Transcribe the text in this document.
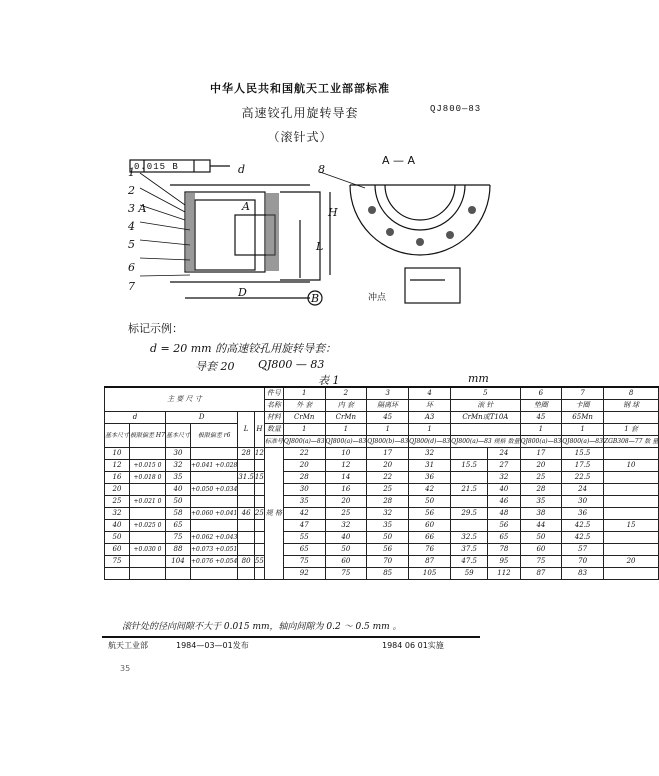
中华人民共和国航天工业部部标准
高速铰孔用旋转导套
（滚针式）
QJ800—83
0.015 B	d
D
L
H
B
A — A
A
冲点
1
2
3 A
4
5
6
7
8
标记示例：
d = 20 mm 的高速铰孔用旋转导套：
导套 20 QJ800 — 83
表 1	mm
主 要 尺 寸						件号	1	2	3	4	5		6	7	8
						名称	外 套	内 套	隔离环	环	滚 针		垫圈	卡圈	钢 球
d		D		L	H	材料	CrMn	CrMn	45	A3	CrMn或T10A		45	65Mn	
基本尺寸	极限偏差 H7	基本尺寸	极限偏差 r6			数量	1	1	1	1			1	1	1 套
						标准号	QJ800(a)—83	QJ800(a)—83	QJ800(b)—83	QJ800(d)—83	QJ800(a)—83 规格 数量		QJ800(a)—83	QJ800(a)—83	ZGB308—77 数 量
10		30		28	12	规 格	22	10	17	32		24	17	15.5	
12	+0.015 0	32	+0.041 +0.028				20	12	20	31	15.5	27	20	17.5	10
16	+0.018 0	35		31.5	15		28	14	22	36		32	25	22.5	
20		40	+0.050 +0.034				30	16	25	42	21.5	40	28	24	
25	+0.021 0	50					35	20	28	50		46	35	30	
32		58	+0.060 +0.041	46	25		42	25	32	56	29.5	48	38	36	
40	+0.025 0	65					47	32	35	60		56	44	42.5	15
50		75	+0.062 +0.043				55	40	50	66	32.5	65	50	42.5	
60	+0.030 0	88	+0.073 +0.051				65	50	56	76	37.5	78	60	57	
75		104	+0.076 +0.054	80	55		75	60	70	87	47.5	95	75	70	20
							92	75	85	105	59	112	87	83	
滚针处的径向间隙不大于 0.015 mm，轴向间隙为 0.2 ～ 0.5 mm 。
航天工业部	1984—03—01发布	1984 06 01实施
35
